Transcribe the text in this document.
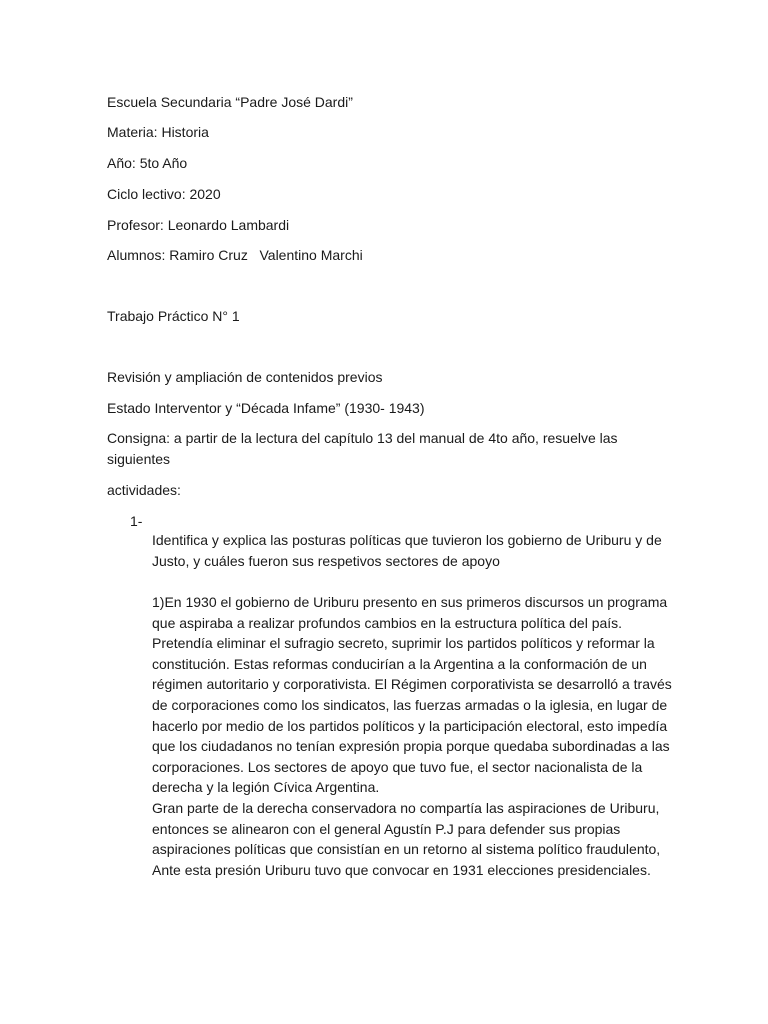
Escuela Secundaria “Padre José Dardi”
Materia: Historia
Año: 5to Año
Ciclo lectivo: 2020
Profesor: Leonardo Lambardi
Alumnos: Ramiro Cruz   Valentino Marchi
Trabajo Práctico N° 1
Revisión y ampliación de contenidos previos
Estado Interventor y “Década Infame” (1930- 1943)
Consigna: a partir de la lectura del capítulo 13 del manual de 4to año, resuelve las siguientes
actividades:
1-
Identifica y explica las posturas políticas que tuvieron los gobierno de Uriburu y de Justo, y cuáles fueron sus respetivos sectores de apoyo

1)En 1930 el gobierno de Uriburu presento en sus primeros discursos un programa que aspiraba a realizar profundos cambios en la estructura política del país. Pretendía eliminar el sufragio secreto, suprimir los partidos políticos y reformar la constitución. Estas reformas conducirían a la Argentina a la conformación de un régimen autoritario y corporativista. El Régimen corporativista se desarrolló a través de corporaciones como los sindicatos, las fuerzas armadas o la iglesia, en lugar de hacerlo por medio de los partidos políticos y la participación electoral, esto impedía que los ciudadanos no tenían expresión propia porque quedaba subordinadas a las corporaciones. Los sectores de apoyo que tuvo fue, el sector nacionalista de la derecha y la legión Cívica Argentina.

Gran parte de la derecha conservadora no compartía las aspiraciones de Uriburu, entonces se alinearon con el general Agustín P.J para defender sus propias aspiraciones políticas que consistían en un retorno al sistema político fraudulento, Ante esta presión Uriburu tuvo que convocar en 1931 elecciones presidenciales.
